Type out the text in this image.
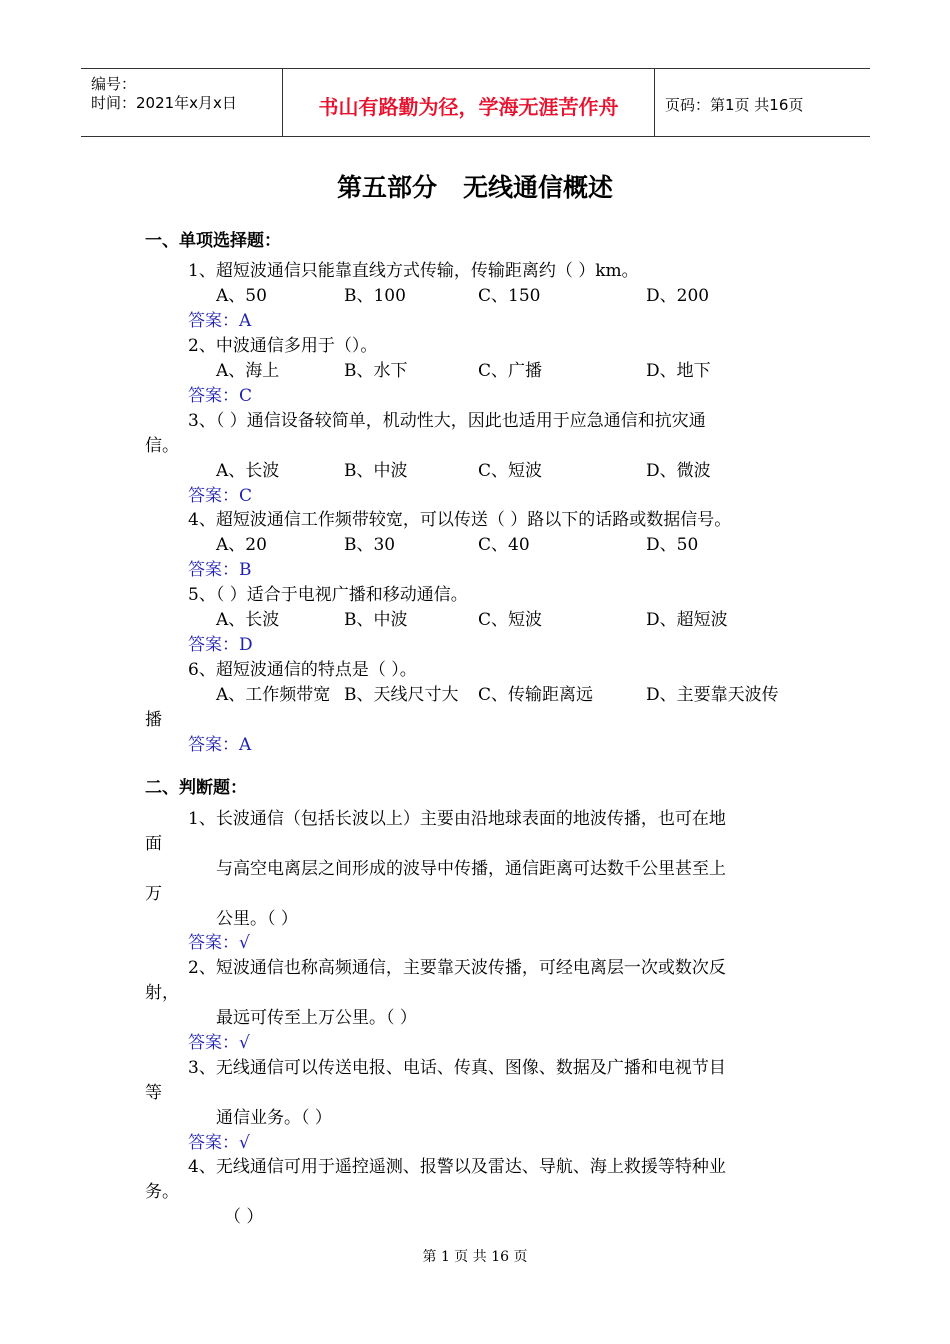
编号：
时间：2021年x月x日	书山有路勤为径，学海无涯苦作舟	页码：第1页 共16页
第五部分   无线通信概述
一、单项选择题：
1、超短波通信只能靠直线方式传输，传输距离约（ ）km。
A、50	B、100	C、150	D、200
答案：A
2、中波通信多用于（）。
A、海上	B、水下	C、广播	D、地下
答案：C
3、（ ）通信设备较简单，机动性大，因此也适用于应急通信和抗灾通
信。
A、长波	B、中波	C、短波	D、微波
答案：C
4、超短波通信工作频带较宽，可以传送（ ）路以下的话路或数据信号。
A、20	B、30	C、40	D、50
答案：B
5、（ ）适合于电视广播和移动通信。
A、长波	B、中波	C、短波	D、超短波
答案：D
6、超短波通信的特点是（ ）。
A、工作频带宽 B、天线尺寸大 C、传输距离远	D、主要靠天波传
播
答案：A
二、判断题：
1、长波通信（包括长波以上）主要由沿地球表面的地波传播，也可在地
面
与高空电离层之间形成的波导中传播，通信距离可达数千公里甚至上
万
公里。（ ）
答案：√
2、短波通信也称高频通信，主要靠天波传播，可经电离层一次或数次反
射，
最远可传至上万公里。（ ）
答案：√
3、无线通信可以传送电报、电话、传真、图像、数据及广播和电视节目
等
通信业务。（ ）
答案：√
4、无线通信可用于遥控遥测、报警以及雷达、导航、海上救援等特种业
务。
（ ）
第 1 页 共 16 页
